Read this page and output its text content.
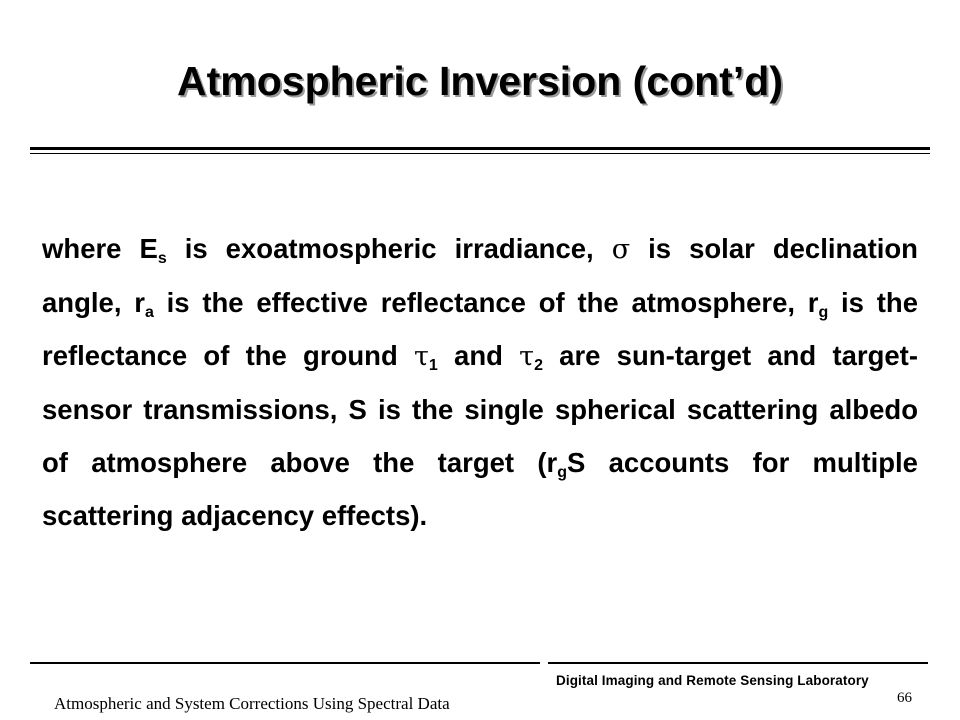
Atmospheric Inversion (cont’d)

where $E_s$ is exoatmospheric irradiance, σ is solar declination angle, $r_a$ is the effective reflectance of the atmosphere, $r_g$ is the reflectance of the ground $\tau_1$ and $\tau_2$ are sun-target and target-sensor transmissions, S is the single spherical scattering albedo of atmosphere above the target ($r_gS$ accounts for multiple scattering adjacency effects).

Digital Imaging and Remote Sensing Laboratory
66
Atmospheric and System Corrections Using Spectral Data
